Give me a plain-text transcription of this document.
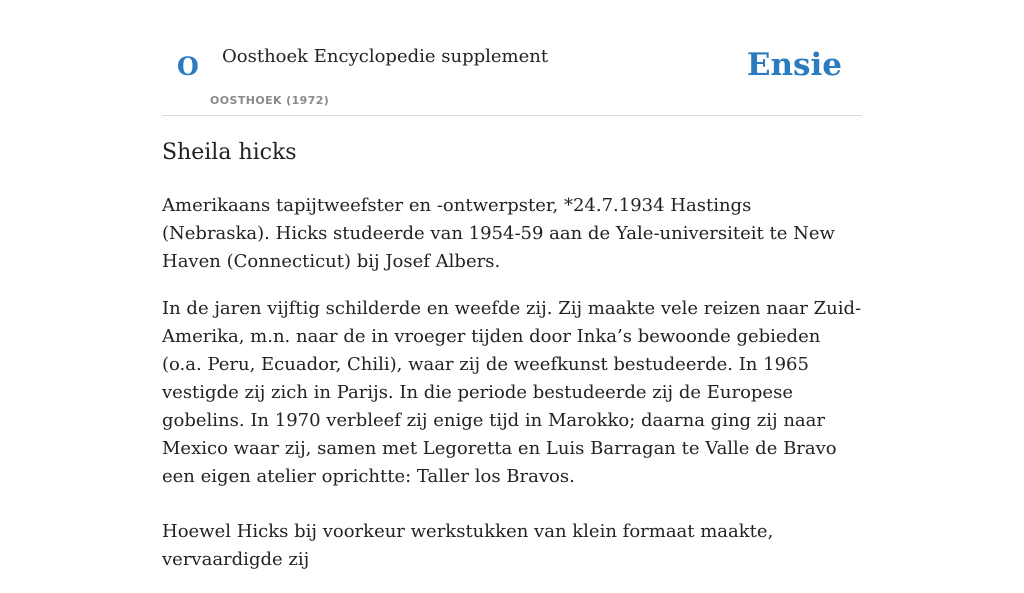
O Oosthoek Encyclopedie supplement
OOSTHOEK (1972)
Ensie
Sheila hicks

Amerikaans tapijtweefster en -ontwerpster, *24.7.1934 Hastings (Nebraska). Hicks studeerde van 1954-59 aan de Yale-universiteit te New Haven (Connecticut) bij Josef Albers.

In de jaren vijftig schilderde en weefde zij. Zij maakte vele reizen naar Zuid-Amerika, m.n. naar de in vroeger tijden door Inka’s bewoonde gebieden (o.a. Peru, Ecuador, Chili), waar zij de weefkunst bestudeerde. In 1965 vestigde zij zich in Parijs. In die periode bestudeerde zij de Europese gobelins. In 1970 verbleef zij enige tijd in Marokko; daarna ging zij naar Mexico waar zij, samen met Legoretta en Luis Barragan te Valle de Bravo een eigen atelier oprichtte: Taller los Bravos.

Hoewel Hicks bij voorkeur werkstukken van klein formaat maakte, vervaardigde zij
